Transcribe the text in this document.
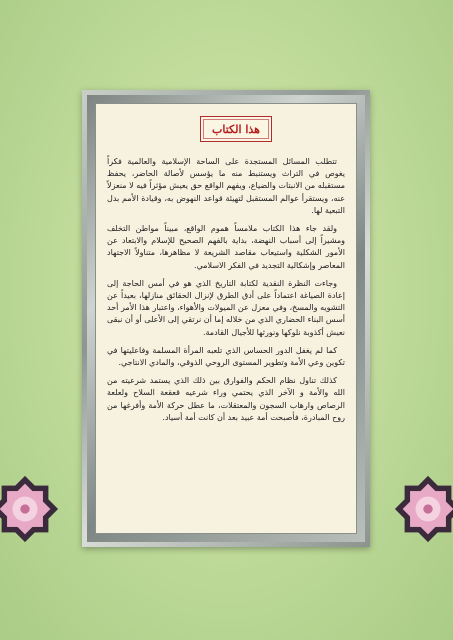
هذا الكتاب

تتطلب المسائل المستجدة على الساحة الإسلامية والعالمية فكراً يغوص في التراث ويستنبط منه ما يؤسس لأصالة الحاضر، يحفظ مستقبله من الانبتات والضياع، ويفهم الواقع حق يعيش مؤثراً فيه لا منعزلاً عنه، ويستقرأ عوالم المستقبل لتهيئة قواعد النهوض به، وقيادة الأمم بدل التبعية لها.

ولقد جاء هذا الكتاب ملامساً هموم الواقع، مبيناً مواطن التخلف ومشيراً إلى أسباب النهضة، بداية بالفهم الصحيح للإسلام والابتعاد عن الأمور الشكلية واستيعاب مقاصد الشريعة لا مظاهرها، متناولاً الاجتهاد المعاصر وإشكالية التجديد في الفكر الاسلامي.

وجاءت النظرة النقدية لكتابة التاريخ الذي هو في أمس الحاجة إلى إعادة الصياغة اعتماداً على أدق الطرق لإنزال الحقائق منازلها، بعيداً عن التشويه والمسخ، وفي معزل عن الميولات والأهواء، واعتبار هذا الأمر أحد أسس البناء الحضاري الذي من خلاله إما أن نرتقي إلى الأعلى أو أن نبقى نعيش أكذوبة نلوكها ونورثها للأجيال القادمة.

كما لم يغفل الدور الحساس الذي تلعبه المرأة المسلمة وفاعليتها في تكوين وعي الأمة وتطوير المستوى الروحي الذوقي، والمادي الانتاجي.

كذلك تناول نظام الحكم والفوارق بين ذلك الذي يستمد شرعيته من الله والأمة و الآخر الذي يحتمي وراء شرعيه قعقعة السلاح ولعلعة الرصاص وارهاب السجون والمعتقلات، ما عطل حركة الأمة وأفرغها من روح المبادرة، فأصبحت أمة عبيد بعد أن كانت أمة أسياد.
